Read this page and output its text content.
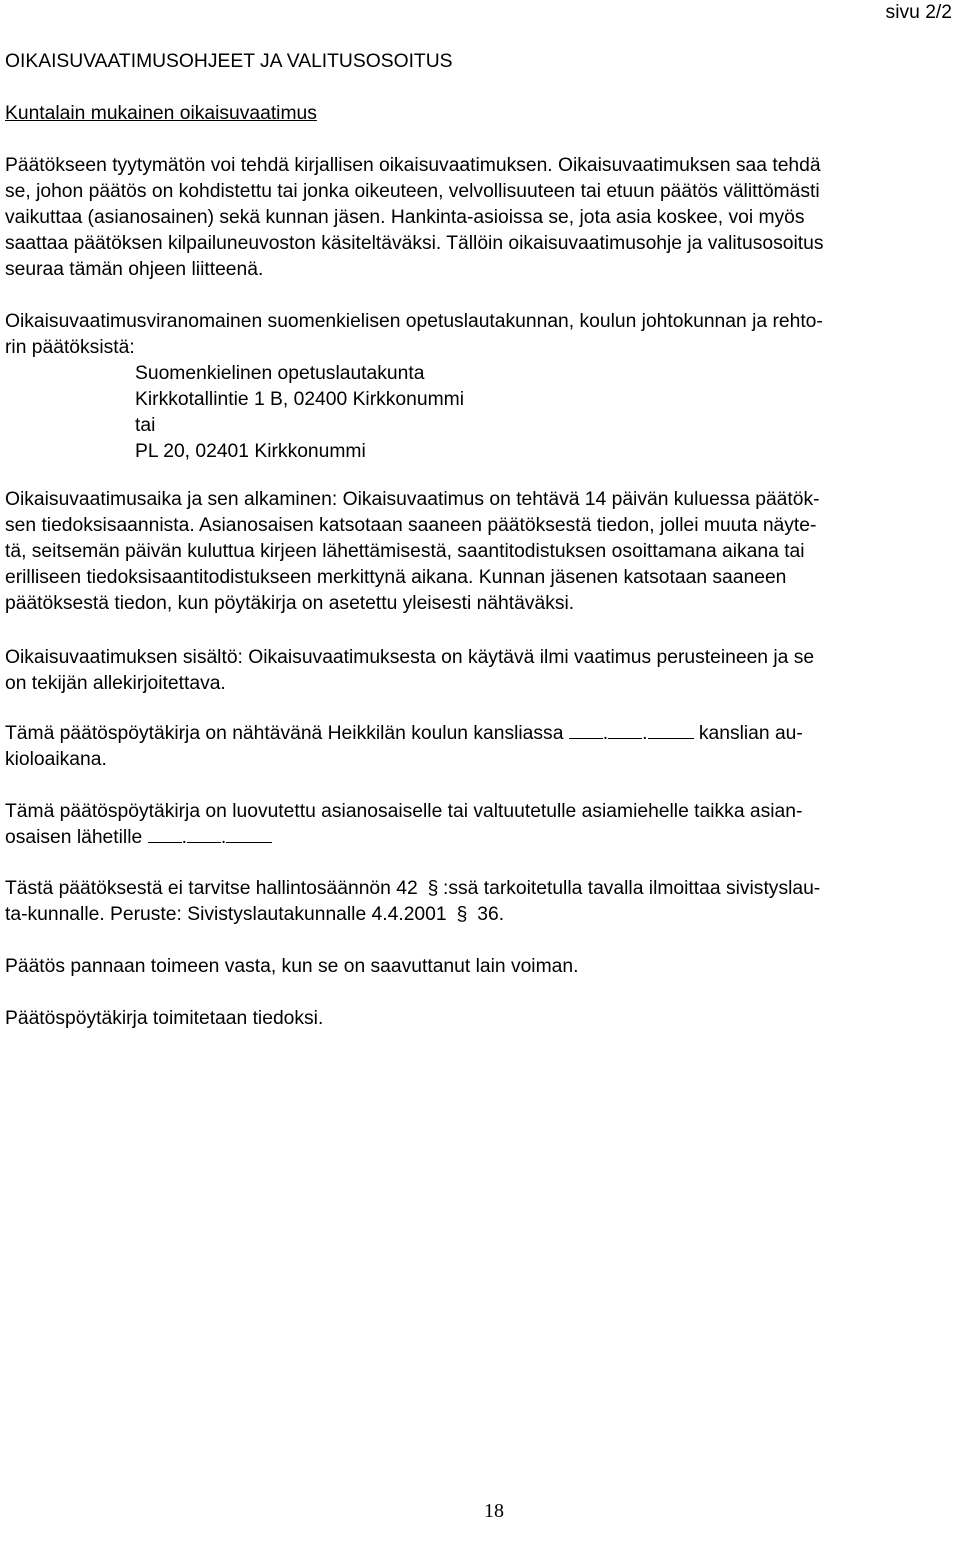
sivu 2/2
OIKAISUVAATIMUSOHJEET JA VALITUSOSOITUS
Kuntalain mukainen oikaisuvaatimus
Päätökseen tyytymätön voi tehdä kirjallisen oikaisuvaatimuksen. Oikaisuvaatimuksen saa tehdä
se, johon päätös on kohdistettu tai jonka oikeuteen, velvollisuuteen tai etuun päätös välittömästi
vaikuttaa (asianosainen) sekä kunnan jäsen. Hankinta-asioissa se, jota asia koskee, voi myös
saattaa päätöksen kilpailuneuvoston käsiteltäväksi. Tällöin oikaisuvaatimusohje ja valitusosoitus
seuraa tämän ohjeen liitteenä.
Oikaisuvaatimusviranomainen suomenkielisen opetuslautakunnan, koulun johtokunnan ja rehto-
rin päätöksistä:
Suomenkielinen opetuslautakunta
Kirkkotallintie 1 B, 02400 Kirkkonummi
tai
PL 20, 02401 Kirkkonummi
Oikaisuvaatimusaika ja sen alkaminen: Oikaisuvaatimus on tehtävä 14 päivän kuluessa päätök-
sen tiedoksisaannista. Asianosaisen katsotaan saaneen päätöksestä tiedon, jollei muuta näyte-
tä, seitsemän päivän kuluttua kirjeen lähettämisestä, saantitodistuksen osoittamana aikana tai
erilliseen tiedoksisaantitodistukseen merkittynä aikana. Kunnan jäsenen katsotaan saaneen
päätöksestä tiedon, kun pöytäkirja on asetettu yleisesti nähtäväksi.
Oikaisuvaatimuksen sisältö: Oikaisuvaatimuksesta on käytävä ilmi vaatimus perusteineen ja se
on tekijän allekirjoitettava.
Tämä päätöspöytäkirja on nähtävänä Heikkilän koulun kansliassa . . kanslian au-
kioloaikana.
Tämä päätöspöytäkirja on luovutettu asianosaiselle tai valtuutetulle asiamiehelle taikka asian-
osaisen lähetille . .
Tästä päätöksestä ei tarvitse hallintosäännön 42 § :ssä tarkoitetulla tavalla ilmoittaa sivistyslau-
ta-kunnalle. Peruste: Sivistyslautakunnalle 4.4.2001 § 36.
Päätös pannaan toimeen vasta, kun se on saavuttanut lain voiman.
Päätöspöytäkirja toimitetaan tiedoksi.
18
